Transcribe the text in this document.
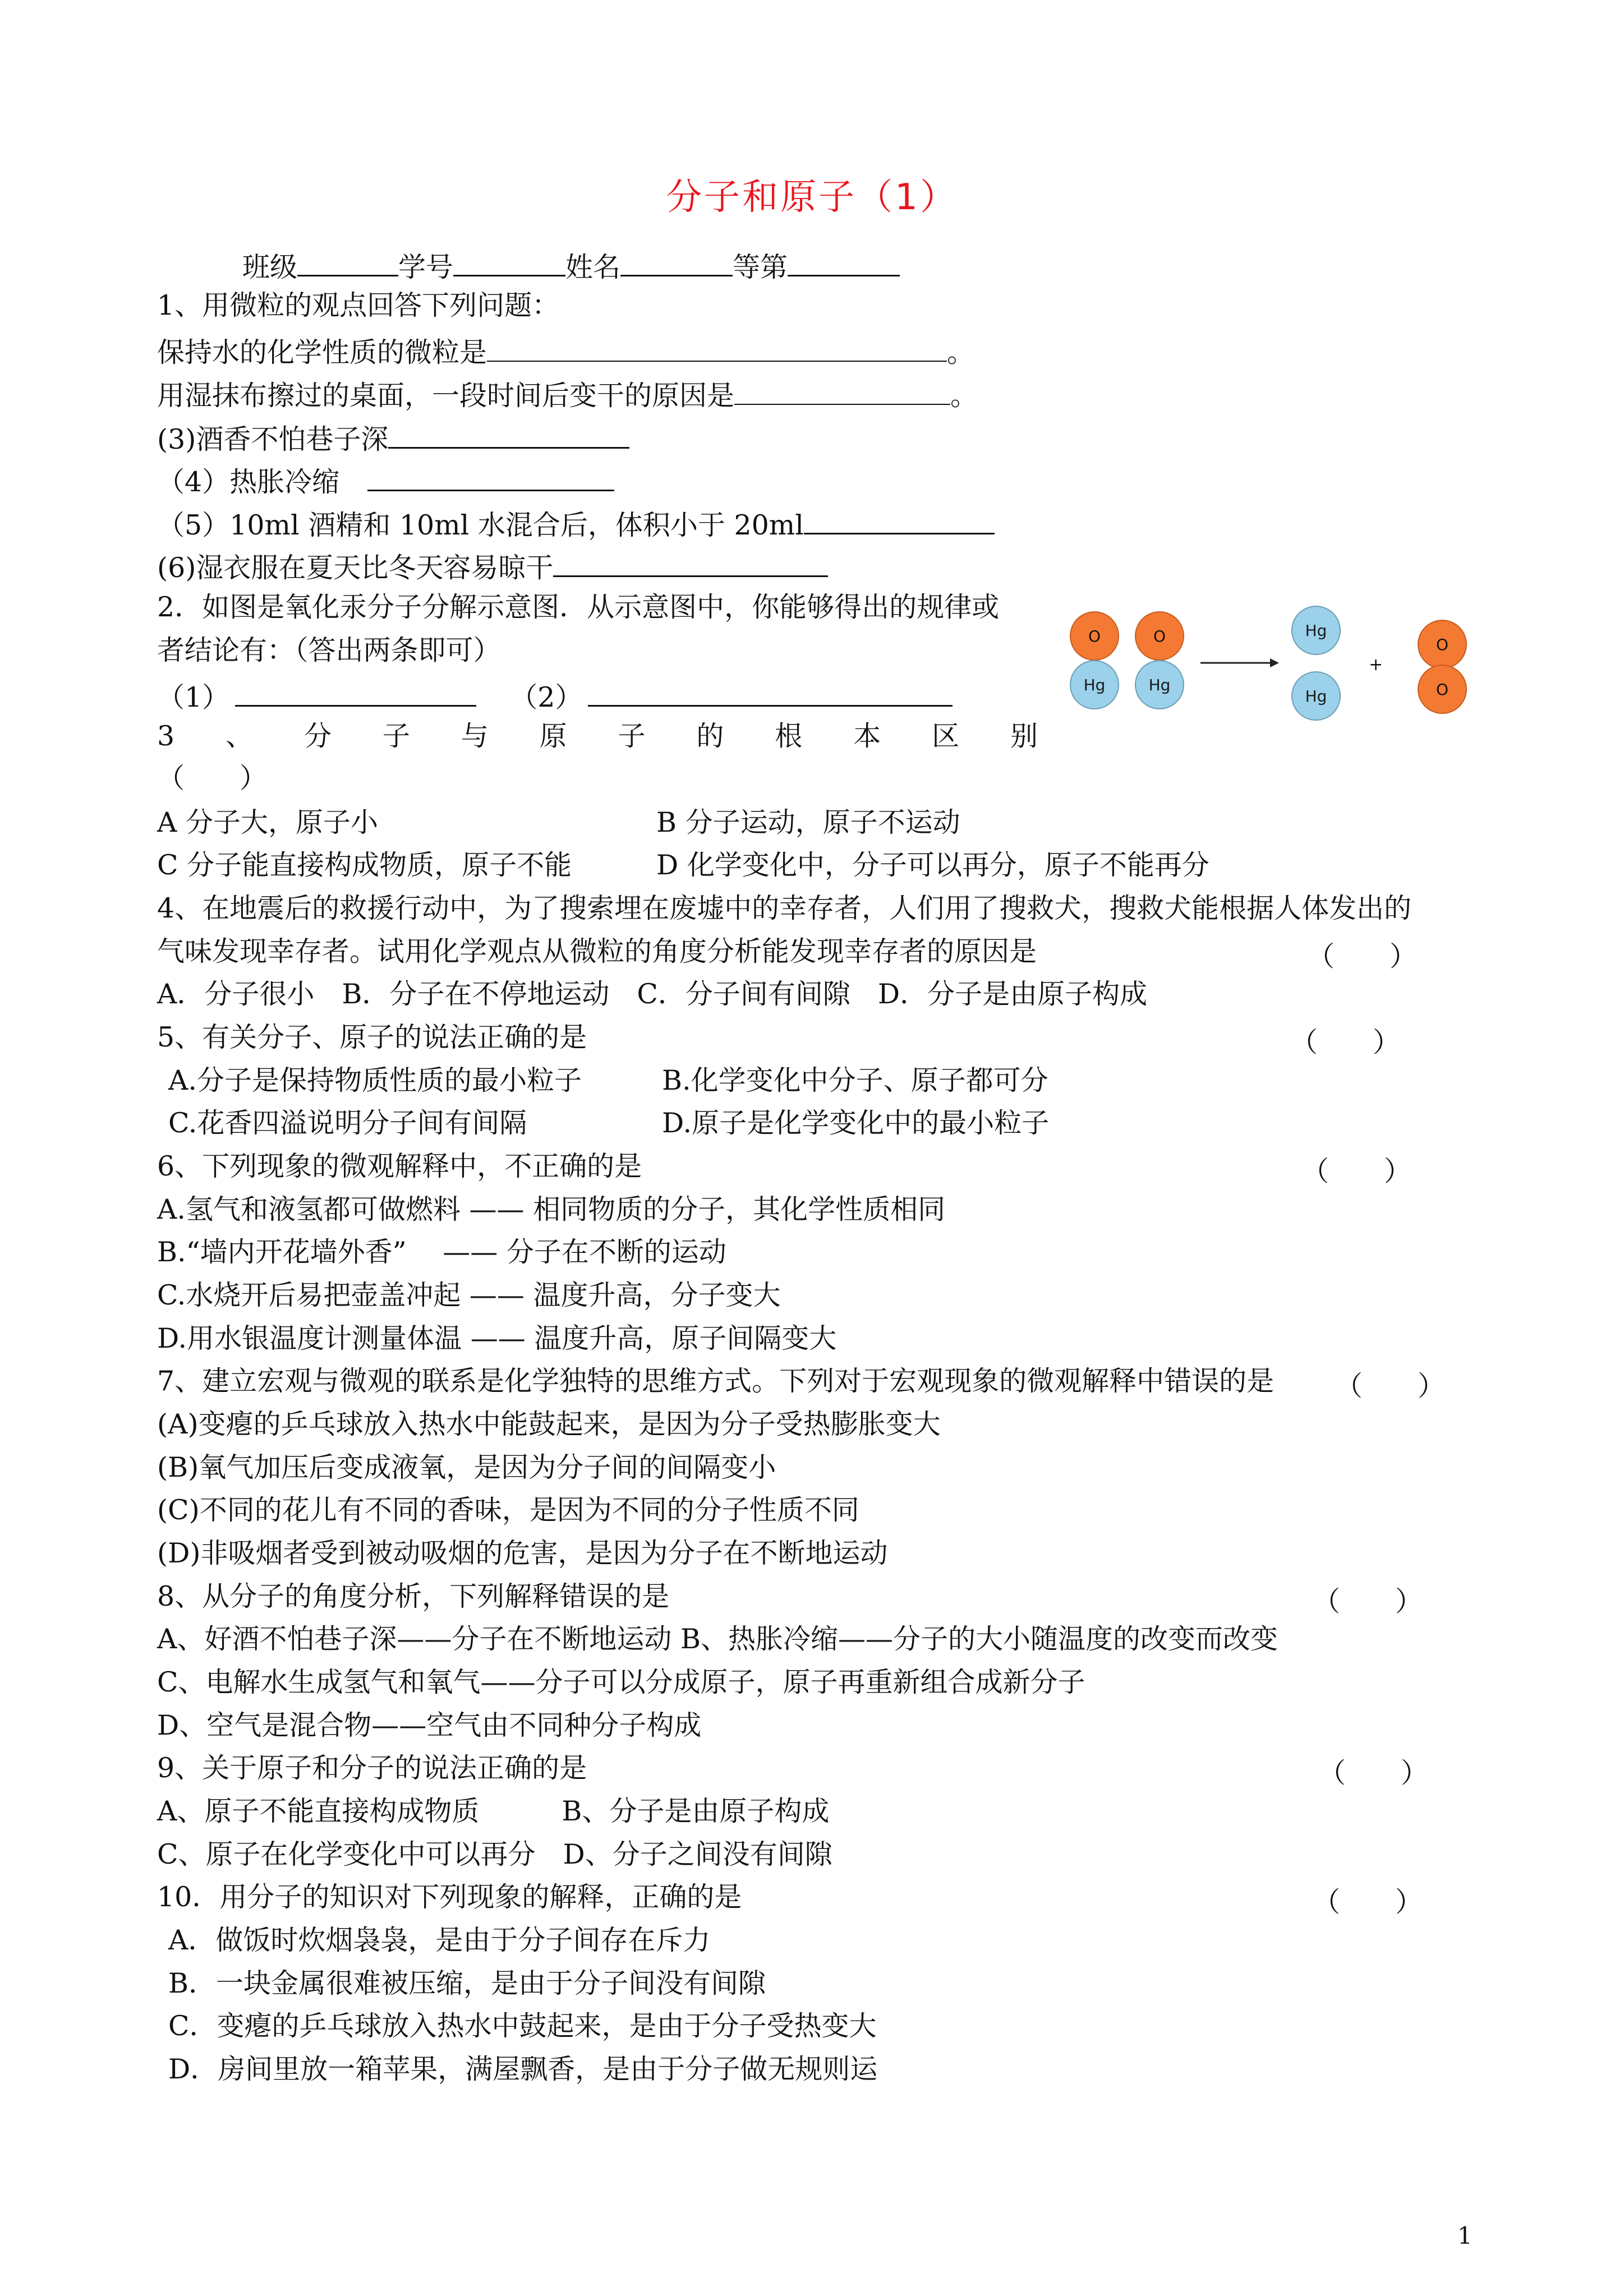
分子和原子（1）
班级	学号	姓名	等第
1、用微粒的观点回答下列问题：
保持水的化学性质的微粒是	。
用湿抹布擦过的桌面，一段时间后变干的原因是	。
(3)酒香不怕巷子深
（4）热胀冷缩
（5）10ml 酒精和 10ml 水混合后，体积小于 20ml
(6)湿衣服在夏天比冬天容易晾干
2．如图是氧化汞分子分解示意图．从示意图中，你能够得出的规律或
者结论有：（答出两条即可）
（1）	（2）
O
Hg
O
Hg
Hg
Hg
+
O
O
3 、 分 子 与 原 子 的 根 本 区 别
（　　）
A 分子大，原子小	B 分子运动，原子不运动
C 分子能直接构成物质，原子不能	D 化学变化中，分子可以再分，原子不能再分
4、在地震后的救援行动中，为了搜索埋在废墟中的幸存者，人们用了搜救犬，搜救犬能根据人体发出的
气味发现幸存者。试用化学观点从微粒的角度分析能发现幸存者的原因是	（　　）
A．分子很小　B．分子在不停地运动　C．分子间有间隙　D．分子是由原子构成
5、有关分子、原子的说法正确的是	（　　）
A.分子是保持物质性质的最小粒子	B.化学变化中分子、原子都可分
C.花香四溢说明分子间有间隔	D.原子是化学变化中的最小粒子
6、下列现象的微观解释中，不正确的是	（　　）
A.氢气和液氢都可做燃料 —— 相同物质的分子，其化学性质相同
B.“墙内开花墙外香”　 —— 分子在不断的运动
C.水烧开后易把壶盖冲起 —— 温度升高，分子变大
D.用水银温度计测量体温 —— 温度升高，原子间隔变大
7、建立宏观与微观的联系是化学独特的思维方式。下列对于宏观现象的微观解释中错误的是 （　　）
(A)变瘪的乒乓球放入热水中能鼓起来，是因为分子受热膨胀变大
(B)氧气加压后变成液氧，是因为分子间的间隔变小
(C)不同的花儿有不同的香味，是因为不同的分子性质不同
(D)非吸烟者受到被动吸烟的危害，是因为分子在不断地运动
8、从分子的角度分析，下列解释错误的是	（　　）
A、好酒不怕巷子深——分子在不断地运动 B、热胀冷缩——分子的大小随温度的改变而改变
C、电解水生成氢气和氧气——分子可以分成原子，原子再重新组合成新分子
D、空气是混合物——空气由不同种分子构成
9、关于原子和分子的说法正确的是	（　　）
A、原子不能直接构成物质　　　B、分子是由原子构成
C、原子在化学变化中可以再分　D、分子之间没有间隙
10．用分子的知识对下列现象的解释，正确的是	（　　）
A．做饭时炊烟袅袅，是由于分子间存在斥力
B．一块金属很难被压缩，是由于分子间没有间隙
C．变瘪的乒乓球放入热水中鼓起来，是由于分子受热变大
D．房间里放一箱苹果，满屋飘香，是由于分子做无规则运
1
